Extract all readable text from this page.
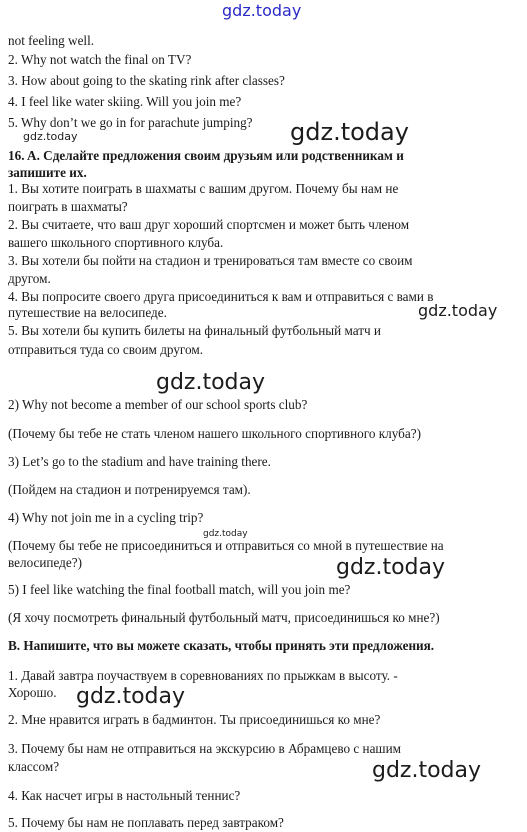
gdz.today
not feeling well.
2. Why not watch the final on TV?
3. How about going to the skating rink after classes?
4. I feel like water skiing. Will you join me?
5. Why don’t we go in for parachute jumping?
16. A. Сделайте предложения своим друзьям или родственникам и
запишите их.
1. Вы хотите поиграть в шахматы с вашим другом. Почему бы нам не
поиграть в шахматы?
2. Вы считаете, что ваш друг хороший спортсмен и может быть членом
вашего школьного спортивного клуба.
3. Вы хотели бы пойти на стадион и тренироваться там вместе со своим
другом.
4. Вы попросите своего друга присоединиться к вам и отправиться с вами в
путешествие на велосипеде.
5. Вы хотели бы купить билеты на финальный футбольный матч и
отправиться туда со своим другом.
2) Why not become a member of our school sports club?
(Почему бы тебе не стать членом нашего школьного спортивного клуба?)
3) Let’s go to the stadium and have training there.
(Пойдем на стадион и потренируемся там).
4) Why not join me in a cycling trip?
(Почему бы тебе не присоединиться и отправиться со мной в путешествие на
велосипеде?)
5) I feel like watching the final football match, will you join me?
(Я хочу посмотреть финальный футбольный матч, присоединишься ко мне?)
B. Напишите, что вы можете сказать, чтобы принять эти предложения.
1. Давай завтра поучаствуем в соревнованиях по прыжкам в высоту. -
Хорошо.
2. Мне нравится играть в бадминтон. Ты присоединишься ко мне?
3. Почему бы нам не отправиться на экскурсию в Абрамцево с нашим
классом?
4. Как насчет игры в настольный теннис?
5. Почему бы нам не поплавать перед завтраком?
gdz.today	gdz.today
gdz.today
gdz.today
gdz.today
gdz.today
gdz.today
gdz.today
